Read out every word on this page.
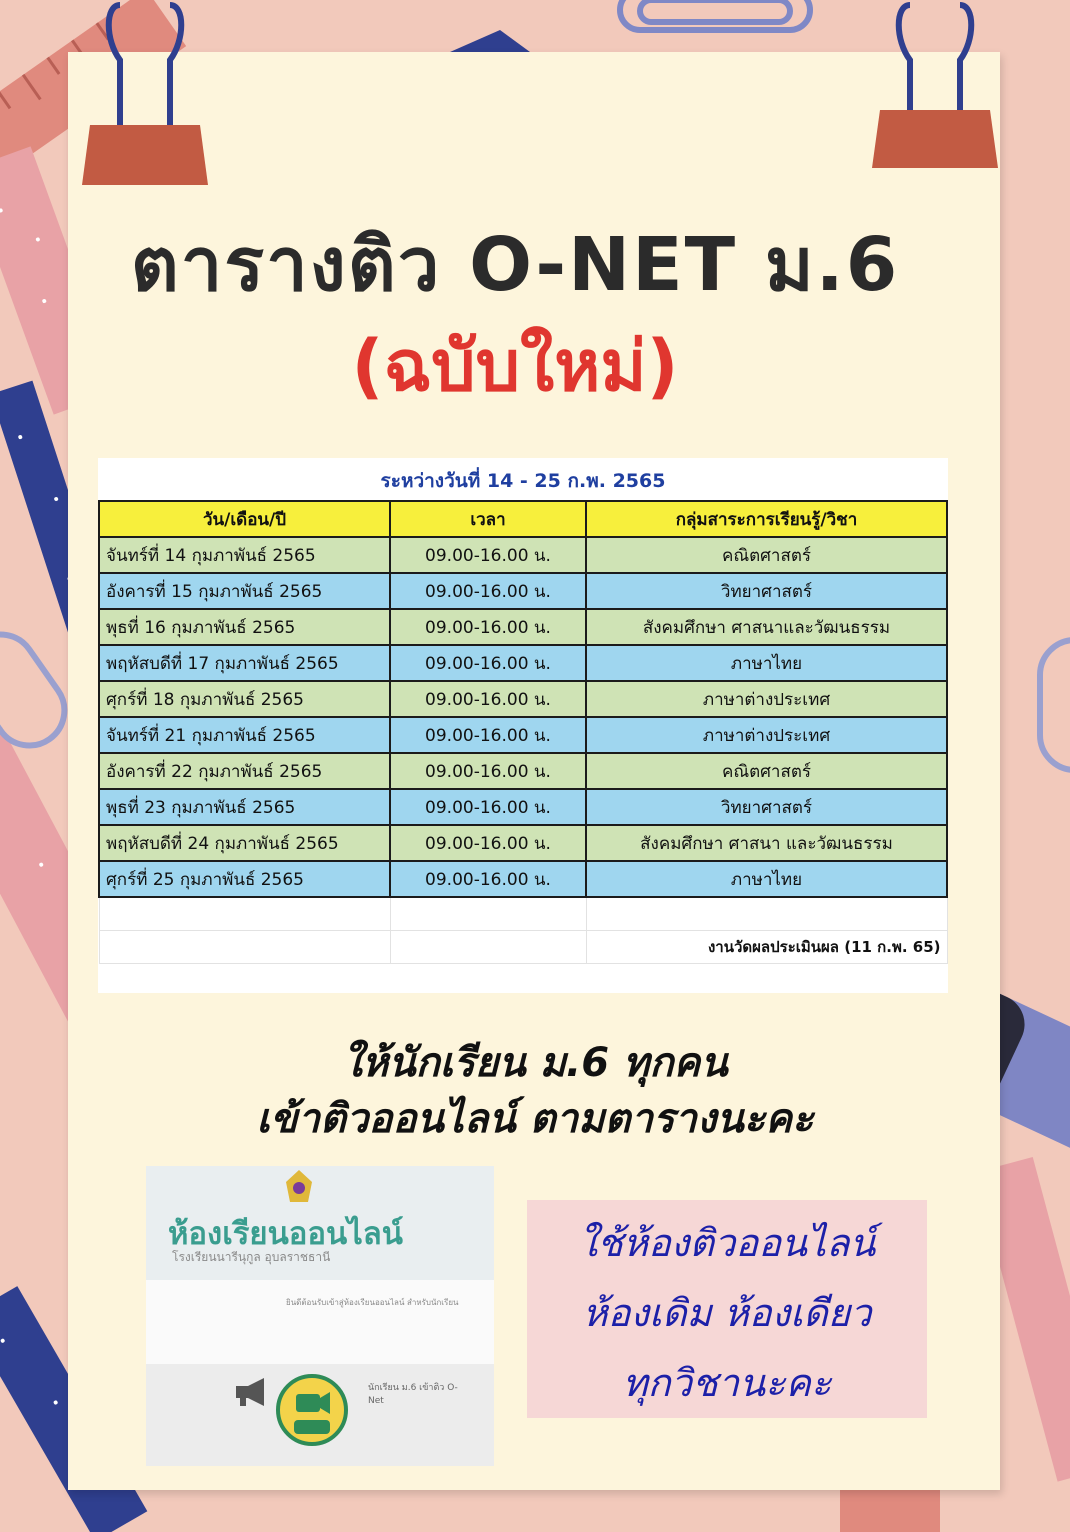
ตารางติว O-NET ม.6
(ฉบับใหม่)
ระหว่างวันที่ 14 - 25 ก.พ. 2565
วัน/เดือน/ปี	เวลา	กลุ่มสาระการเรียนรู้/วิชา
จันทร์ที่ 14 กุมภาพันธ์ 2565	09.00-16.00 น.	คณิตศาสตร์
อังคารที่ 15 กุมภาพันธ์ 2565	09.00-16.00 น.	วิทยาศาสตร์
พุธที่ 16 กุมภาพันธ์ 2565	09.00-16.00 น.	สังคมศึกษา ศาสนาและวัฒนธรรม
พฤหัสบดีที่ 17 กุมภาพันธ์ 2565	09.00-16.00 น.	ภาษาไทย
ศุกร์ที่ 18 กุมภาพันธ์ 2565	09.00-16.00 น.	ภาษาต่างประเทศ
จันทร์ที่ 21 กุมภาพันธ์ 2565	09.00-16.00 น.	ภาษาต่างประเทศ
อังคารที่ 22 กุมภาพันธ์ 2565	09.00-16.00 น.	คณิตศาสตร์
พุธที่ 23 กุมภาพันธ์ 2565	09.00-16.00 น.	วิทยาศาสตร์
พฤหัสบดีที่ 24 กุมภาพันธ์ 2565	09.00-16.00 น.	สังคมศึกษา ศาสนา และวัฒนธรรม
ศุกร์ที่ 25 กุมภาพันธ์ 2565	09.00-16.00 น.	ภาษาไทย

		งานวัดผลประเมินผล (11 ก.พ. 65)
ให้นักเรียน ม.6 ทุกคน
เข้าติวออนไลน์ ตามตารางนะคะ
ห้องเรียนออนไลน์
โรงเรียนนารีนุกูล อุบลราชธานี
ยินดีต้อนรับเข้าสู่ห้องเรียนออนไลน์ สำหรับนักเรียน
นักเรียน ม.6 เข้าติว O-Net
ใช้ห้องติวออนไลน์
ห้องเดิม ห้องเดียว
ทุกวิชานะคะ
